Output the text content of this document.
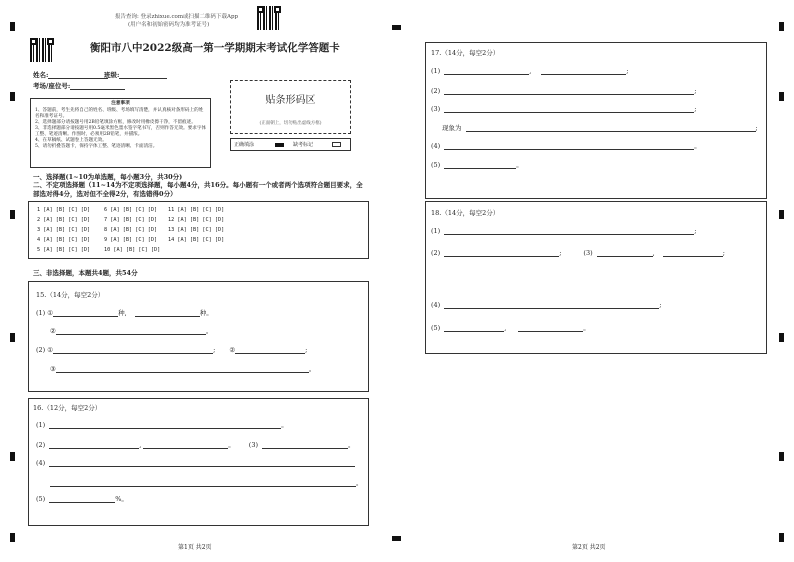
报告查询: 登录zhixue.com或扫描二维码下载App
(用户名和初始密码均为准考证号)
衡阳市八中2022级高一第一学期期末考试化学答题卡
姓名:	班级:
考场/座位号:
注意事项
1、答题前，考生先将自己的姓名、班级、考场填写清楚，并认真核对条形码上的姓名和准考证号。
2、选择题部分请按题号用2B铅笔填涂方框，修改时用橡皮擦干净，不留痕迹。
3、非选择题部分请按题号用0.5毫米黑色墨水签字笔书写，否则作答无效。要求字体工整、笔迹清晰。作图时，必须用2B铅笔，并描浓。
4、在草稿纸、试题卷上答题无效。
5、请勿折叠答题卡，保持字体工整、笔迹清晰、卡面清洁。
贴条形码区
(正面朝上，切勿贴出虚线方框)
正确填涂	缺考标记
一、选择题(1~10为单选题，每小题3分，共30分)
二、不定项选择题（11~14为不定项选择题，每小题4分，共16分。每小题有一个或者两个选项符合题目要求，全部选对得4分，选对但不全得2分，有选错得0分）
1 [A] [B] [C] [D]	6 [A] [B] [C] [D] 11 [A] [B] [C] [D]
2 [A] [B] [C] [D]	7 [A] [B] [C] [D] 12 [A] [B] [C] [D]
3 [A] [B] [C] [D]	8 [A] [B] [C] [D] 13 [A] [B] [C] [D]
4 [A] [B] [C] [D]	9 [A] [B] [C] [D] 14 [A] [B] [C] [D]
5 [A] [B] [C] [D]	10 [A] [B] [C] [D]
三、非选择题，本题共4题，共54分
15.（14分，每空2分）
(1) ①	种,	种。
②	。
(2) ①	; ②	;
③	。
16.（12分，每空2分）
(1)	。
(2)	,	。 (3)	。
(4)
。
(5)	%。
17.（14分，每空2分）
(1)	,	;
(2)	;
(3)	;
现象为	;
(4)	。
(5)	。
18.（14分，每空2分）
(1)	;
(2)	;	(3)	,	;
(4)	;
(5)	,	。
第1页 共2页	第2页 共2页
